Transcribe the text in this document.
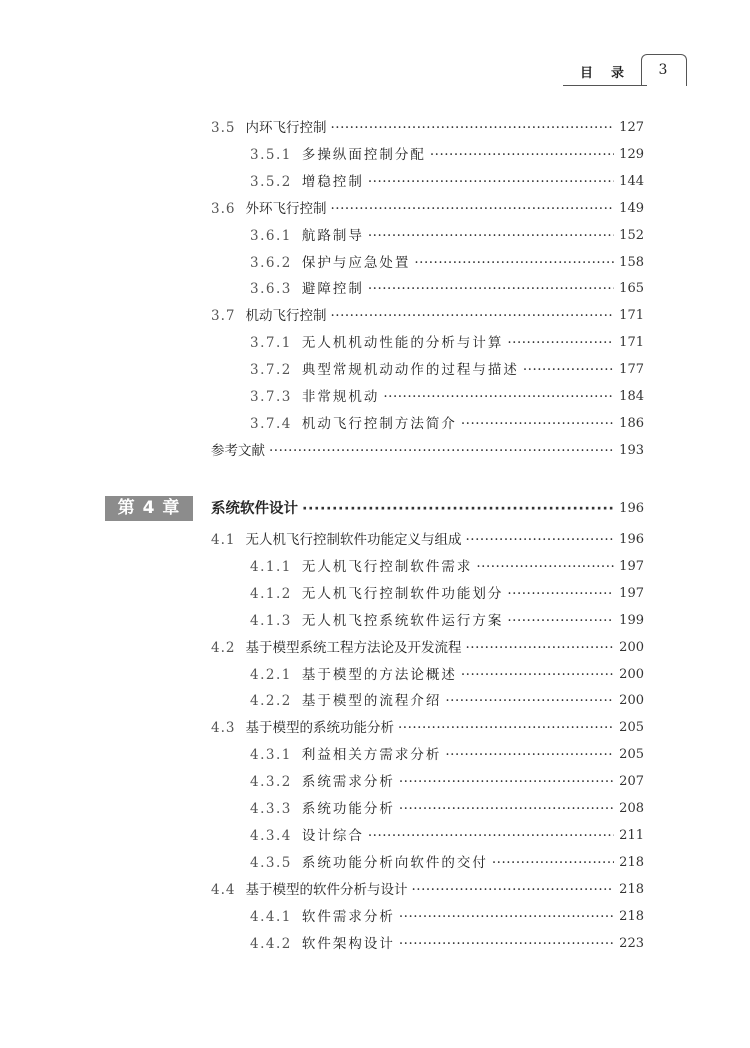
目录	3
3.5 内环飞行控制 ·····	127
3.5.1 多操纵面控制分配 ·····	129
3.5.2 增稳控制 ·····	144
3.6 外环飞行控制 ·····	149
3.6.1 航路制导 ·····	152
3.6.2 保护与应急处置 ·····	158
3.6.3 避障控制 ·····	165
3.7 机动飞行控制 ·····	171
3.7.1 无人机机动性能的分析与计算 ·····	171
3.7.2 典型常规机动动作的过程与描述 ·····	177
3.7.3 非常规机动 ·····	184
3.7.4 机动飞行控制方法简介 ·····	186
参考文献 ·····	193
第 4 章	系统软件设计 ·····	196
4.1 无人机飞行控制软件功能定义与组成 ·····	196
4.1.1 无人机飞行控制软件需求 ·····	197
4.1.2 无人机飞行控制软件功能划分 ·····	197
4.1.3 无人机飞控系统软件运行方案 ·····	199
4.2 基于模型系统工程方法论及开发流程 ·····	200
4.2.1 基于模型的方法论概述 ·····	200
4.2.2 基于模型的流程介绍 ·····	200
4.3 基于模型的系统功能分析 ·····	205
4.3.1 利益相关方需求分析 ·····	205
4.3.2 系统需求分析 ·····	207
4.3.3 系统功能分析 ·····	208
4.3.4 设计综合 ·····	211
4.3.5 系统功能分析向软件的交付 ·····	218
4.4 基于模型的软件分析与设计 ·····	218
4.4.1 软件需求分析 ·····	218
4.4.2 软件架构设计 ·····	223
